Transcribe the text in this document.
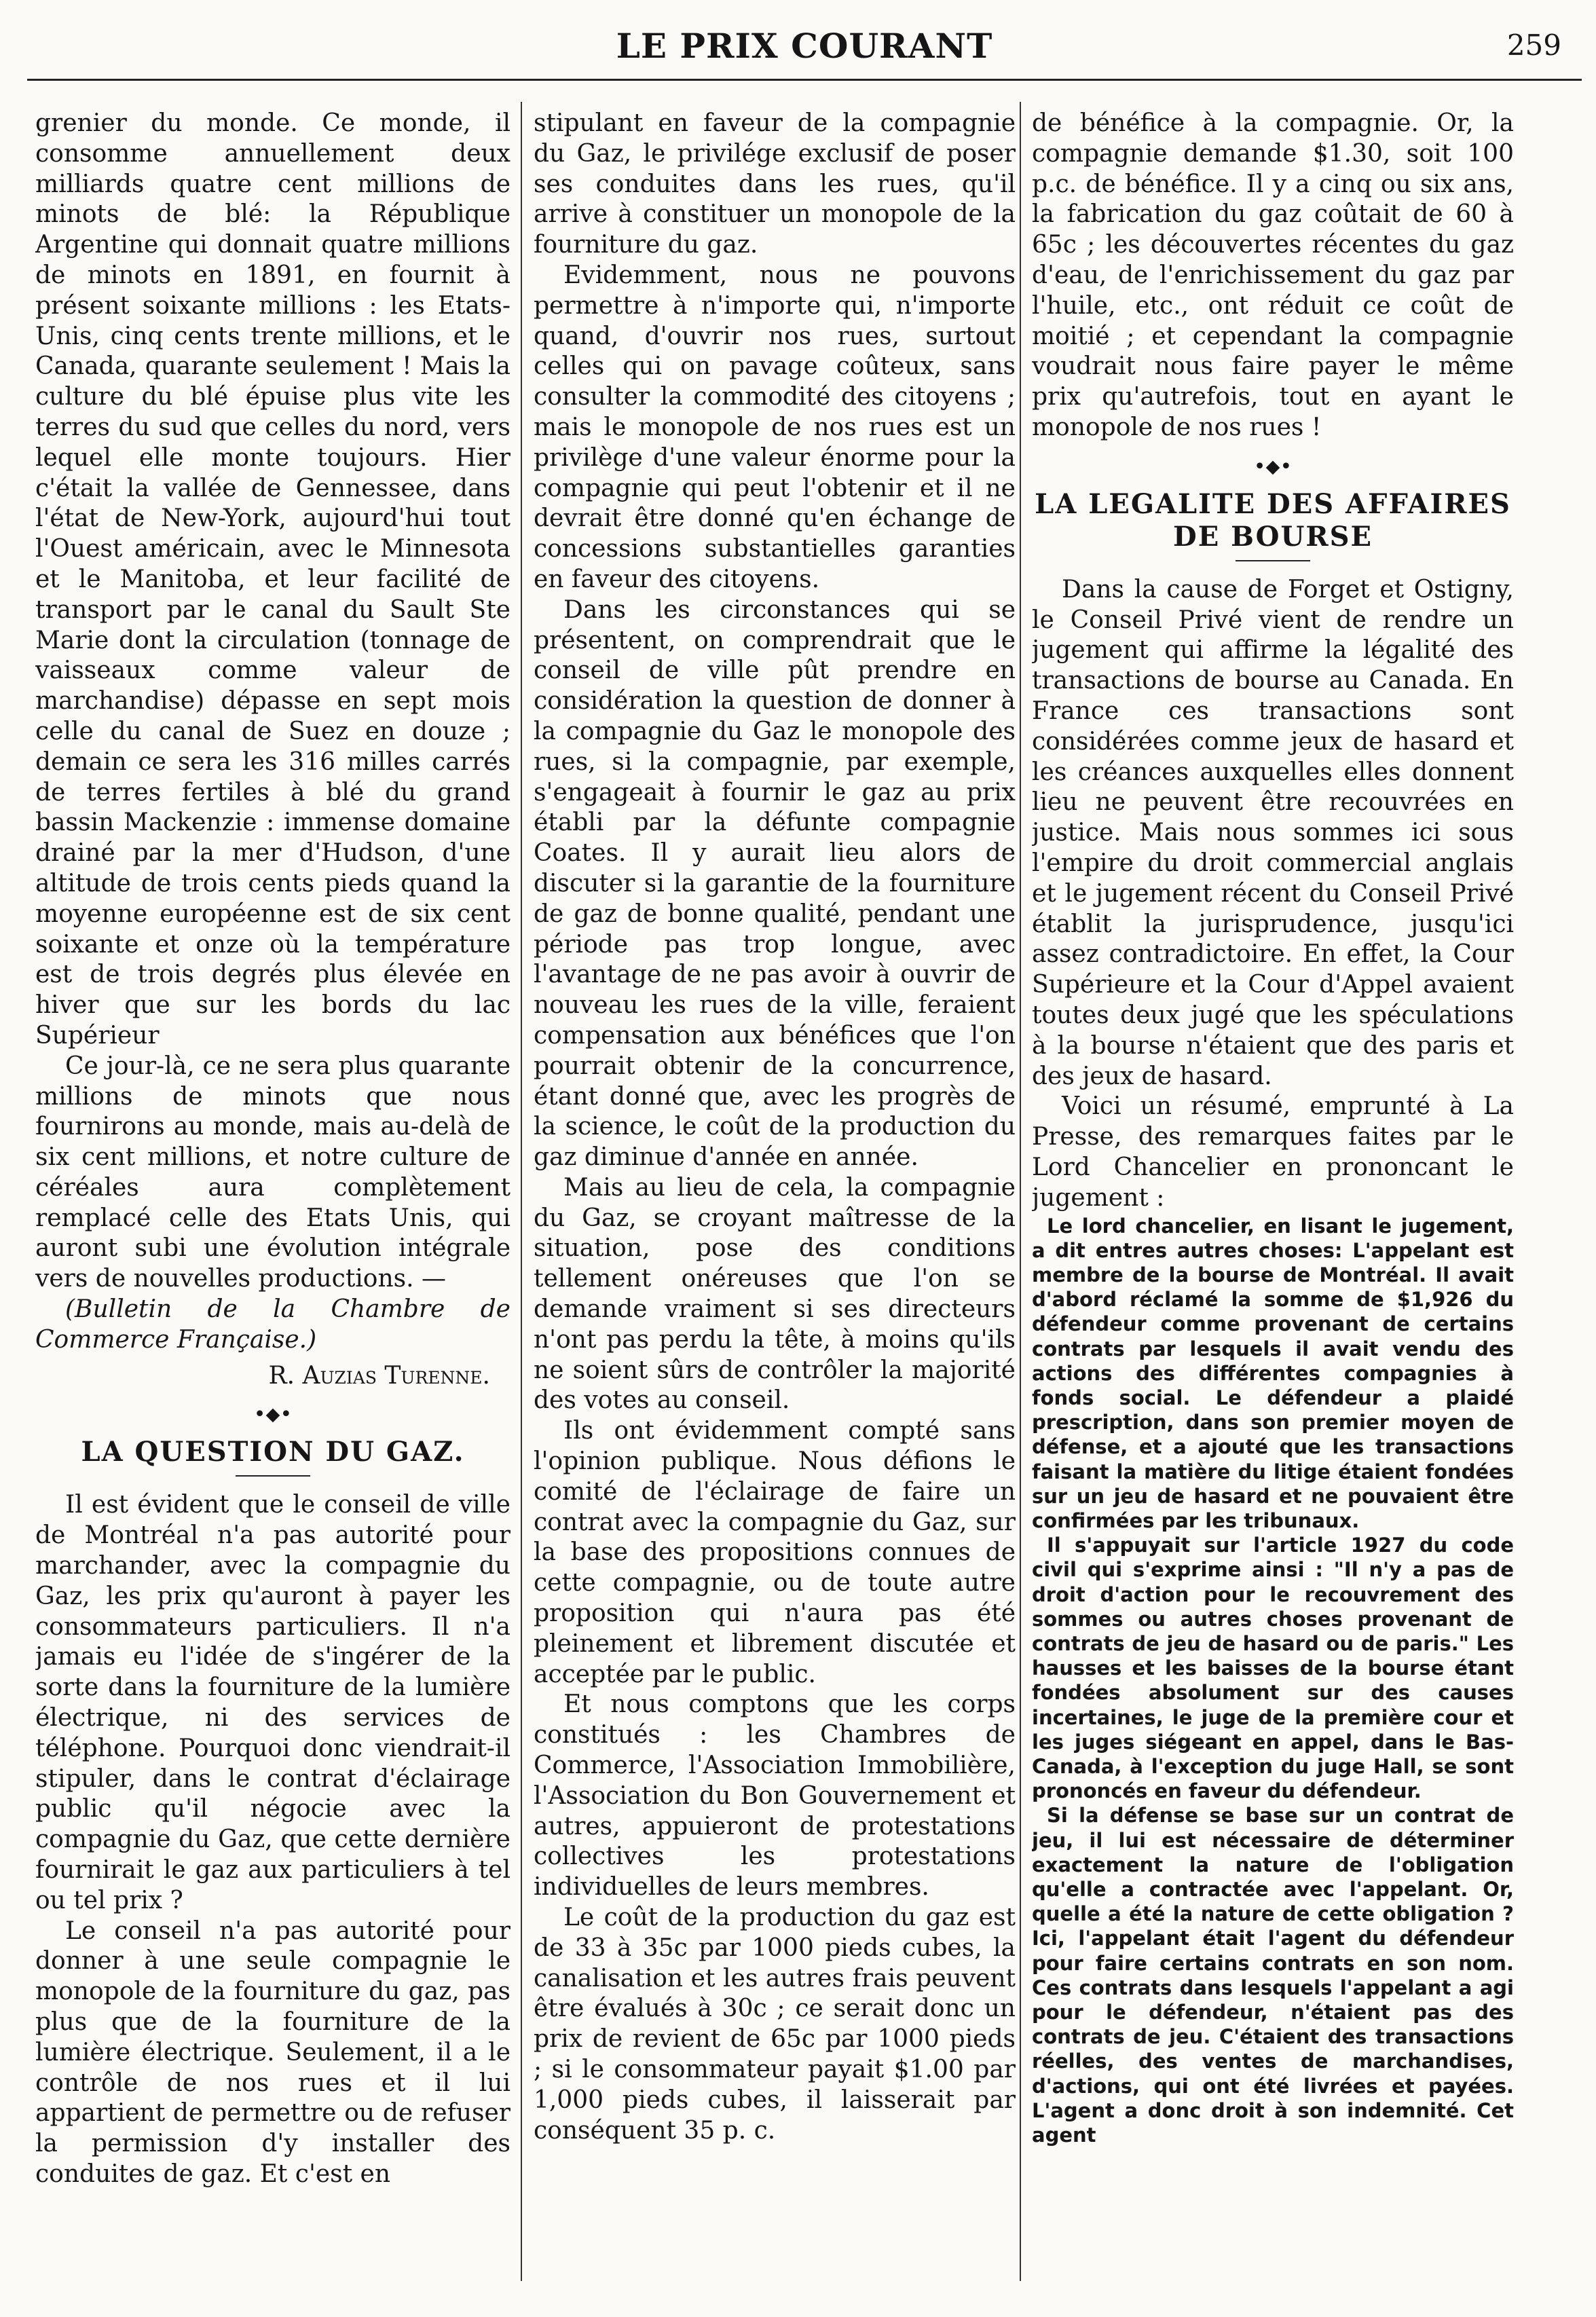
LE PRIX COURANT	259

grenier du monde. Ce monde, il consomme annuellement deux milliards quatre cent millions de minots de blé: la République Argentine qui donnait quatre millions de minots en 1891, en fournit à présent soixante millions : les Etats-Unis, cinq cents trente millions, et le Canada, quarante seulement ! Mais la culture du blé épuise plus vite les terres du sud que celles du nord, vers lequel elle monte toujours. Hier c'était la vallée de Gennessee, dans l'état de New-York, aujourd'hui tout l'Ouest américain, avec le Minnesota et le Manitoba, et leur facilité de transport par le canal du Sault Ste Marie dont la circulation (tonnage de vaisseaux comme valeur de marchandise) dépasse en sept mois celle du canal de Suez en douze ; demain ce sera les 316 milles carrés de terres fertiles à blé du grand bassin Mackenzie : immense domaine drainé par la mer d'Hudson, d'une altitude de trois cents pieds quand la moyenne européenne est de six cent soixante et onze où la température est de trois degrés plus élevée en hiver que sur les bords du lac Supérieur

Ce jour-là, ce ne sera plus quarante millions de minots que nous fournirons au monde, mais au-delà de six cent millions, et notre culture de céréales aura complètement remplacé celle des Etats Unis, qui auront subi une évolution intégrale vers de nouvelles productions. —

(Bulletin de la Chambre de Commerce Française.)

R. Auzias Turenne.

•⬥•
LA QUESTION DU GAZ.

Il est évident que le conseil de ville de Montréal n'a pas autorité pour marchander, avec la compagnie du Gaz, les prix qu'auront à payer les consommateurs particuliers. Il n'a jamais eu l'idée de s'ingérer de la sorte dans la fourniture de la lumière électrique, ni des services de téléphone. Pourquoi donc viendrait-il stipuler, dans le contrat d'éclairage public qu'il négocie avec la compagnie du Gaz, que cette dernière fournirait le gaz aux particuliers à tel ou tel prix ?

Le conseil n'a pas autorité pour donner à une seule compagnie le monopole de la fourniture du gaz, pas plus que de la fourniture de la lumière électrique. Seulement, il a le contrôle de nos rues et il lui appartient de permettre ou de refuser la permission d'y installer des conduites de gaz. Et c'est en

stipulant en faveur de la compagnie du Gaz, le privilége exclusif de poser ses conduites dans les rues, qu'il arrive à constituer un monopole de la fourniture du gaz.

Evidemment, nous ne pouvons permettre à n'importe qui, n'importe quand, d'ouvrir nos rues, surtout celles qui on pavage coûteux, sans consulter la commodité des citoyens ; mais le monopole de nos rues est un privilège d'une valeur énorme pour la compagnie qui peut l'obtenir et il ne devrait être donné qu'en échange de concessions substantielles garanties en faveur des citoyens.

Dans les circonstances qui se présentent, on comprendrait que le conseil de ville pût prendre en considération la question de donner à la compagnie du Gaz le monopole des rues, si la compagnie, par exemple, s'engageait à fournir le gaz au prix établi par la défunte compagnie Coates. Il y aurait lieu alors de discuter si la garantie de la fourniture de gaz de bonne qualité, pendant une période pas trop longue, avec l'avantage de ne pas avoir à ouvrir de nouveau les rues de la ville, feraient compensation aux bénéfices que l'on pourrait obtenir de la concurrence, étant donné que, avec les progrès de la science, le coût de la production du gaz diminue d'année en année.

Mais au lieu de cela, la compagnie du Gaz, se croyant maîtresse de la situation, pose des conditions tellement onéreuses que l'on se demande vraiment si ses directeurs n'ont pas perdu la tête, à moins qu'ils ne soient sûrs de contrôler la majorité des votes au conseil.

Ils ont évidemment compté sans l'opinion publique. Nous défions le comité de l'éclairage de faire un contrat avec la compagnie du Gaz, sur la base des propositions connues de cette compagnie, ou de toute autre proposition qui n'aura pas été pleinement et librement discutée et acceptée par le public.

Et nous comptons que les corps constitués : les Chambres de Commerce, l'Association Immobilière, l'Association du Bon Gouvernement et autres, appuieront de protestations collectives les protestations individuelles de leurs membres.

Le coût de la production du gaz est de 33 à 35c par 1000 pieds cubes, la canalisation et les autres frais peuvent être évalués à 30c ; ce serait donc un prix de revient de 65c par 1000 pieds ; si le consommateur payait $1.00 par 1,000 pieds cubes, il laisserait par conséquent 35 p. c.

de bénéfice à la compagnie. Or, la compagnie demande $1.30, soit 100 p.c. de bénéfice. Il y a cinq ou six ans, la fabrication du gaz coûtait de 60 à 65c ; les découvertes récentes du gaz d'eau, de l'enrichissement du gaz par l'huile, etc., ont réduit ce coût de moitié ; et cependant la compagnie voudrait nous faire payer le même prix qu'autrefois, tout en ayant le monopole de nos rues !

•⬥•
LA LEGALITE DES AFFAIRES DE BOURSE

Dans la cause de Forget et Ostigny, le Conseil Privé vient de rendre un jugement qui affirme la légalité des transactions de bourse au Canada. En France ces transactions sont considérées comme jeux de hasard et les créances auxquelles elles donnent lieu ne peuvent être recouvrées en justice. Mais nous sommes ici sous l'empire du droit commercial anglais et le jugement récent du Conseil Privé établit la jurisprudence, jusqu'ici assez contradictoire. En effet, la Cour Supérieure et la Cour d'Appel avaient toutes deux jugé que les spéculations à la bourse n'étaient que des paris et des jeux de hasard.

Voici un résumé, emprunté à La Presse, des remarques faites par le Lord Chancelier en prononcant le jugement :

Le lord chancelier, en lisant le jugement, a dit entres autres choses: L'appelant est membre de la bourse de Montréal. Il avait d'abord réclamé la somme de $1,926 du défendeur comme provenant de certains contrats par lesquels il avait vendu des actions des différentes compagnies à fonds social. Le défendeur a plaidé prescription, dans son premier moyen de défense, et a ajouté que les transactions faisant la matière du litige étaient fondées sur un jeu de hasard et ne pouvaient être confirmées par les tribunaux.

Il s'appuyait sur l'article 1927 du code civil qui s'exprime ainsi : "Il n'y a pas de droit d'action pour le recouvrement des sommes ou autres choses provenant de contrats de jeu de hasard ou de paris." Les hausses et les baisses de la bourse étant fondées absolument sur des causes incertaines, le juge de la première cour et les juges siégeant en appel, dans le Bas-Canada, à l'exception du juge Hall, se sont prononcés en faveur du défendeur.

Si la défense se base sur un contrat de jeu, il lui est nécessaire de déterminer exactement la nature de l'obligation qu'elle a contractée avec l'appelant. Or, quelle a été la nature de cette obligation ? Ici, l'appelant était l'agent du défendeur pour faire certains contrats en son nom. Ces contrats dans lesquels l'appelant a agi pour le défendeur, n'étaient pas des contrats de jeu. C'étaient des transactions réelles, des ventes de marchandises, d'actions, qui ont été livrées et payées. L'agent a donc droit à son indemnité. Cet agent
